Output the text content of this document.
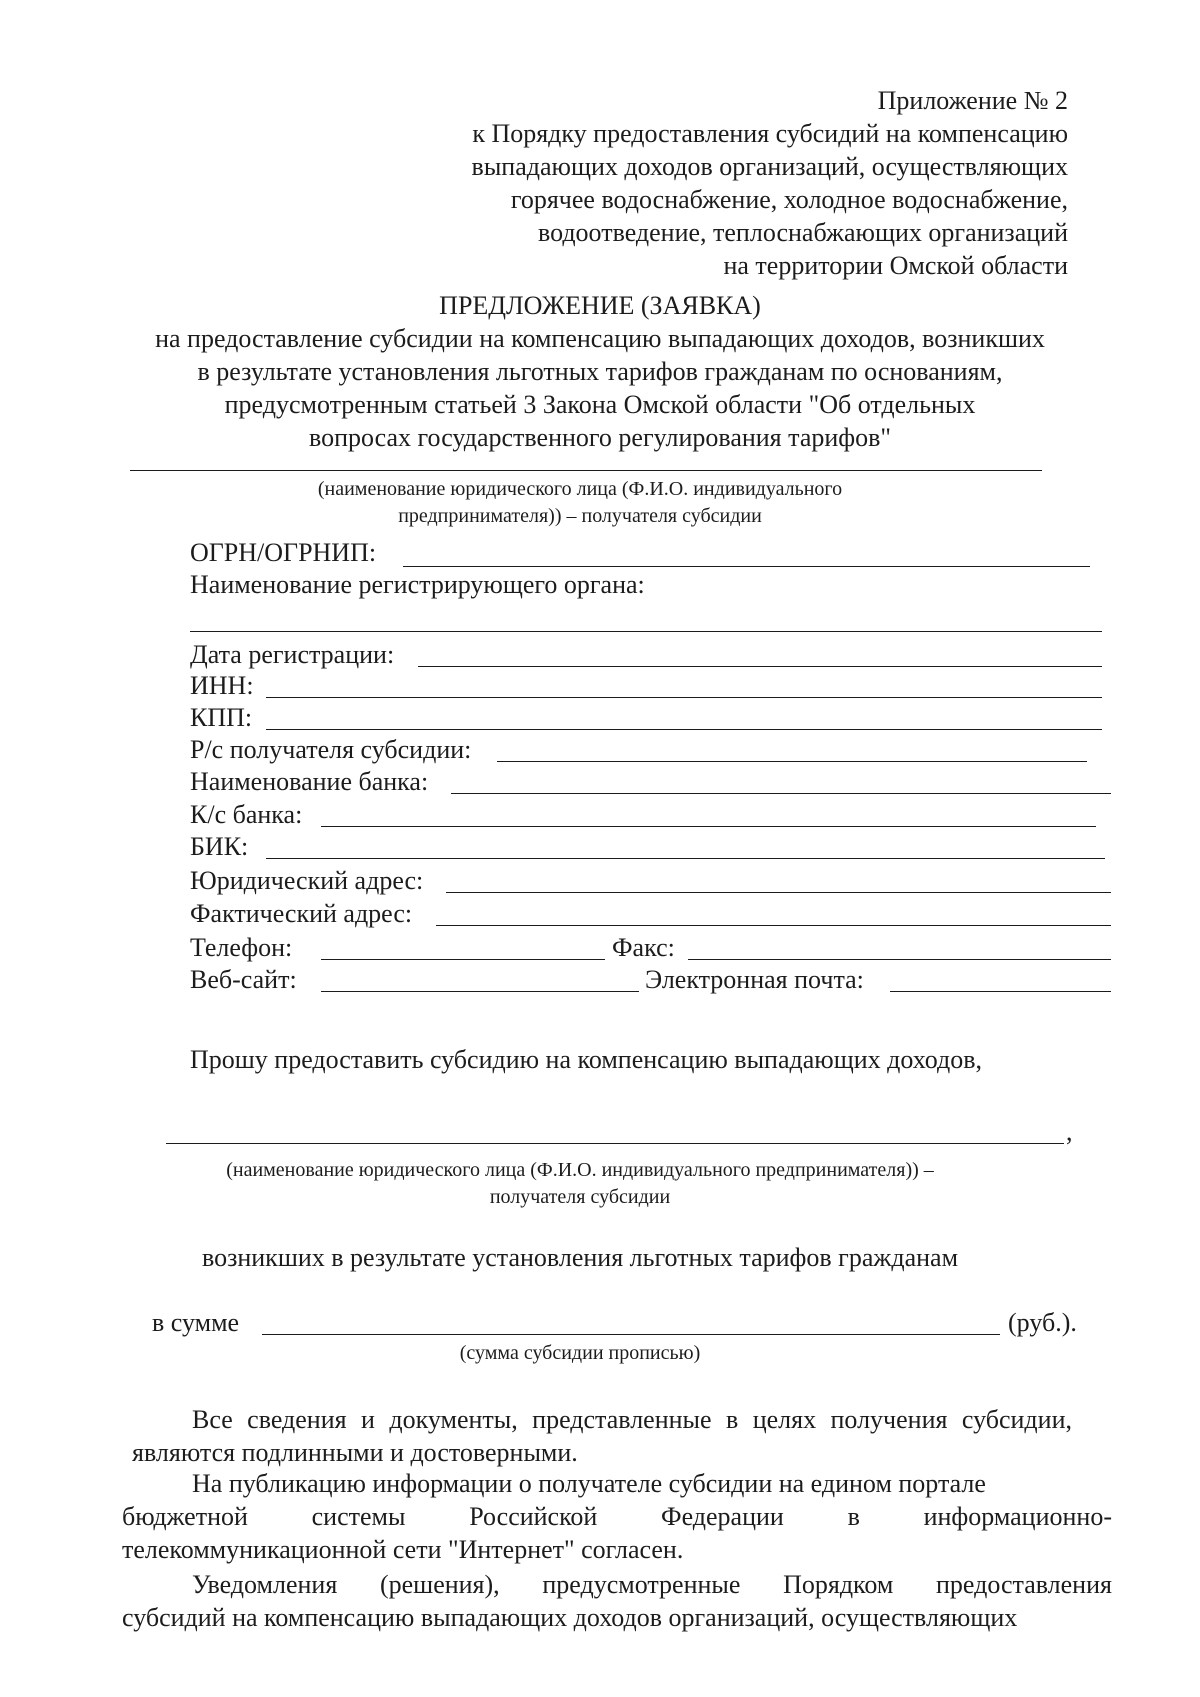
Приложение № 2
к Порядку предоставления субсидий на компенсацию
выпадающих доходов организаций, осуществляющих
горячее водоснабжение, холодное водоснабжение,
водоотведение, теплоснабжающих организаций
на территории Омской области
ПРЕДЛОЖЕНИЕ (ЗАЯВКА)
на предоставление субсидии на компенсацию выпадающих доходов, возникших
в результате установления льготных тарифов гражданам по основаниям,
предусмотренным статьей 3 Закона Омской области "Об отдельных
вопросах государственного регулирования тарифов"
(наименование юридического лица (Ф.И.О. индивидуального
предпринимателя)) – получателя субсидии
ОГРН/ОГРНИП:
Наименование регистрирующего органа:
Дата регистрации:
ИНН:
КПП:
Р/с получателя субсидии:
Наименование банка:
К/с банка:
БИК:
Юридический адрес:
Фактический адрес:
Телефон:	Факс:
Веб-сайт:	Электронная почта:
Прошу предоставить субсидию на компенсацию выпадающих доходов,
,
(наименование юридического лица (Ф.И.О. индивидуального предпринимателя)) –
получателя субсидии
возникших в результате установления льготных тарифов гражданам
в сумме	(руб.).
(сумма субсидии прописью)
Все сведения и документы, представленные в целях получения субсидии, являются подлинными и достоверными.
На публикацию информации о получателе субсидии на едином портале
бюджетной системы Российской Федерации в информационно-
телекоммуникационной сети "Интернет" согласен.
Уведомления (решения), предусмотренные Порядком предоставления
субсидий на компенсацию выпадающих доходов организаций, осуществляющих
